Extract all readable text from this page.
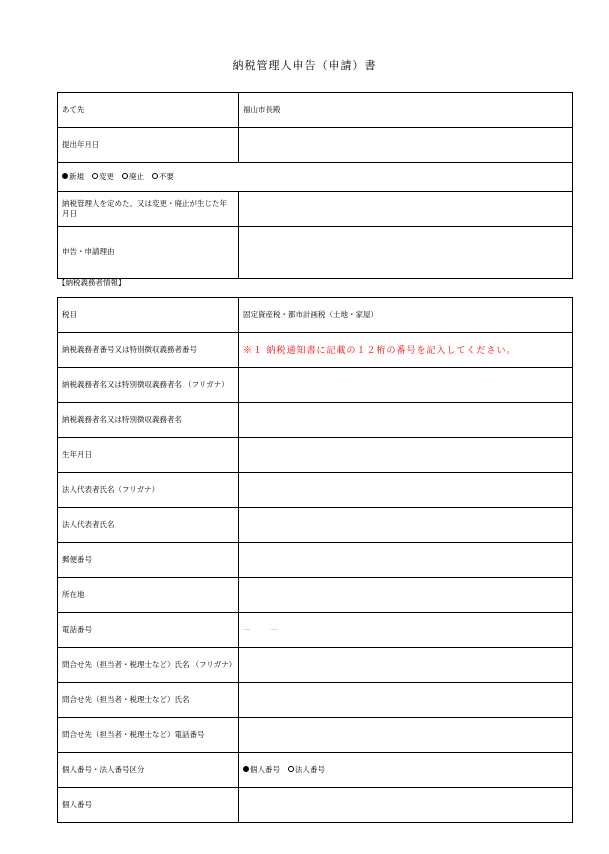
納税管理人申告（申請）書
あて先	福山市長殿
提出年月日	

新規 変更 廃止 不要	

納税管理人を定めた、又は変更・廃止が生じた年月日	
申告・申請理由	
【納税義務者情報】
税目	固定資産税・都市計画税（土地・家屋）
納税義務者番号又は特別徴収義務者番号	※１ 納税通知書に記載の１２桁の番号を記入してください。
納税義務者名又は特別徴収義務者名 （フリガナ）	
納税義務者名又は特別徴収義務者名	
生年月日	
法人代表者氏名（フリガナ）	
法人代表者氏名	
郵便番号	
所在地	
電話番号	－　　－
問合せ先（担当者・税理士など）氏名 （フリガナ）	
問合せ先（担当者・税理士など）氏名	
問合せ先（担当者・税理士など）電話番号	
個人番号・法人番号区分	個人番号 法人番号

個人番号	
